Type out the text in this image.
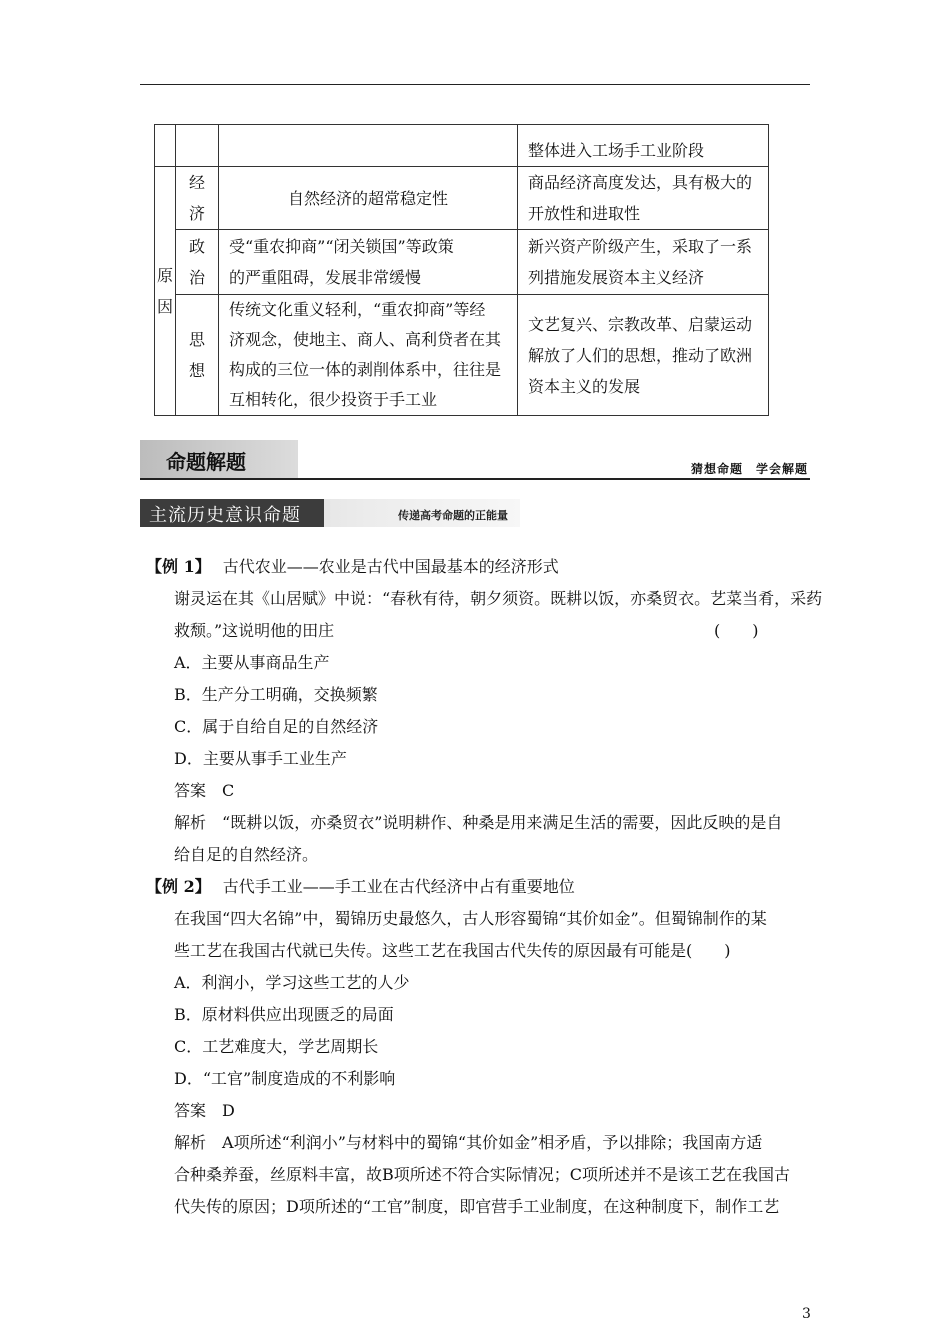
			整体进入工场手工业阶段
原
因	经济	自然经济的超常稳定性	商品经济高度发达，具有极大的
开放性和进取性
	政治	受“重农抑商”“闭关锁国”等政策
的严重阻碍，发展非常缓慢	新兴资产阶级产生，采取了一系
列措施发展资本主义经济
	思想	传统文化重义轻利，“重农抑商”等经
济观念，使地主、商人、高利贷者在其
构成的三位一体的剥削体系中，往往是
互相转化，很少投资于手工业	文艺复兴、宗教改革、启蒙运动
解放了人们的思想，推动了欧洲
资本主义的发展
命题解题	猜想命题　学会解题
主流历史意识命题	传递高考命题的正能量
【例 1】 古代农业——农业是古代中国最基本的经济形式
谢灵运在其《山居赋》中说：“春秋有待，朝夕须资。既耕以饭，亦桑贸衣。艺菜当肴，采药
救颓。”这说明他的田庄	(　　)
A．主要从事商品生产
B．生产分工明确，交换频繁
C．属于自给自足的自然经济
D．主要从事手工业生产
答案 C
解析 “既耕以饭，亦桑贸衣”说明耕作、种桑是用来满足生活的需要，因此反映的是自
给自足的自然经济。
【例 2】 古代手工业——手工业在古代经济中占有重要地位
在我国“四大名锦”中，蜀锦历史最悠久，古人形容蜀锦“其价如金”。但蜀锦制作的某
些工艺在我国古代就已失传。这些工艺在我国古代失传的原因最有可能是(　　)
A．利润小，学习这些工艺的人少
B．原材料供应出现匮乏的局面
C．工艺难度大，学艺周期长
D．“工官”制度造成的不利影响
答案 D
解析 A项所述“利润小”与材料中的蜀锦“其价如金”相矛盾，予以排除；我国南方适
合种桑养蚕，丝原料丰富，故B项所述不符合实际情况；C项所述并不是该工艺在我国古
代失传的原因；D项所述的“工官”制度，即官营手工业制度，在这种制度下，制作工艺
3
